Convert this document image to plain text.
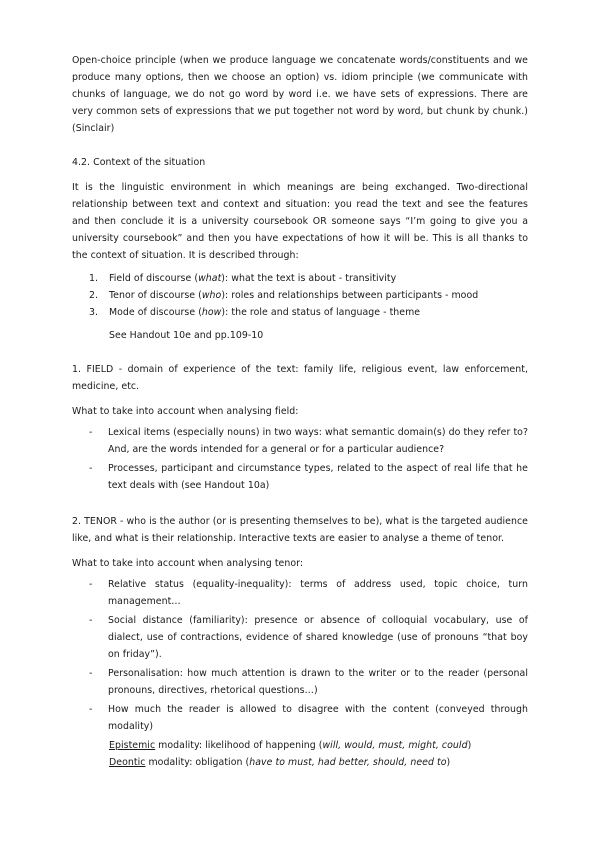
Open-choice principle (when we produce language we concatenate words/constituents and we produce many options, then we choose an option) vs. idiom principle (we communicate with chunks of language, we do not go word by word i.e. we have sets of expressions. There are very common sets of expressions that we put together not word by word, but chunk by chunk.) (Sinclair)

4.2. Context of the situation

It is the linguistic environment in which meanings are being exchanged. Two-directional relationship between text and context and situation: you read the text and see the features and then conclude it is a university coursebook OR someone says “I’m going to give you a university coursebook” and then you have expectations of how it will be. This is all thanks to the context of situation. It is described through:

1. Field of discourse (what): what the text is about - transitivity
2. Tenor of discourse (who): roles and relationships between participants - mood
3. Mode of discourse (how): the role and status of language - theme

See Handout 10e and pp.109-10

1. FIELD - domain of experience of the text: family life, religious event, law enforcement, medicine, etc.

What to take into account when analysing field:

- Lexical items (especially nouns) in two ways: what semantic domain(s) do they refer to? And, are the words intended for a general or for a particular audience?
- Processes, participant and circumstance types, related to the aspect of real life that he text deals with (see Handout 10a)

2. TENOR - who is the author (or is presenting themselves to be), what is the targeted audience like, and what is their relationship. Interactive texts are easier to analyse a theme of tenor.

What to take into account when analysing tenor:

- Relative status (equality-inequality): terms of address used, topic choice, turn management…
- Social distance (familiarity): presence or absence of colloquial vocabulary, use of dialect, use of contractions, evidence of shared knowledge (use of pronouns “that boy on friday”).
- Personalisation: how much attention is drawn to the writer or to the reader (personal pronouns, directives, rhetorical questions…)
- How much the reader is allowed to disagree with the content (conveyed through modality)

Epistemic modality: likelihood of happening (will, would, must, might, could)

Deontic modality: obligation (have to must, had better, should, need to)
